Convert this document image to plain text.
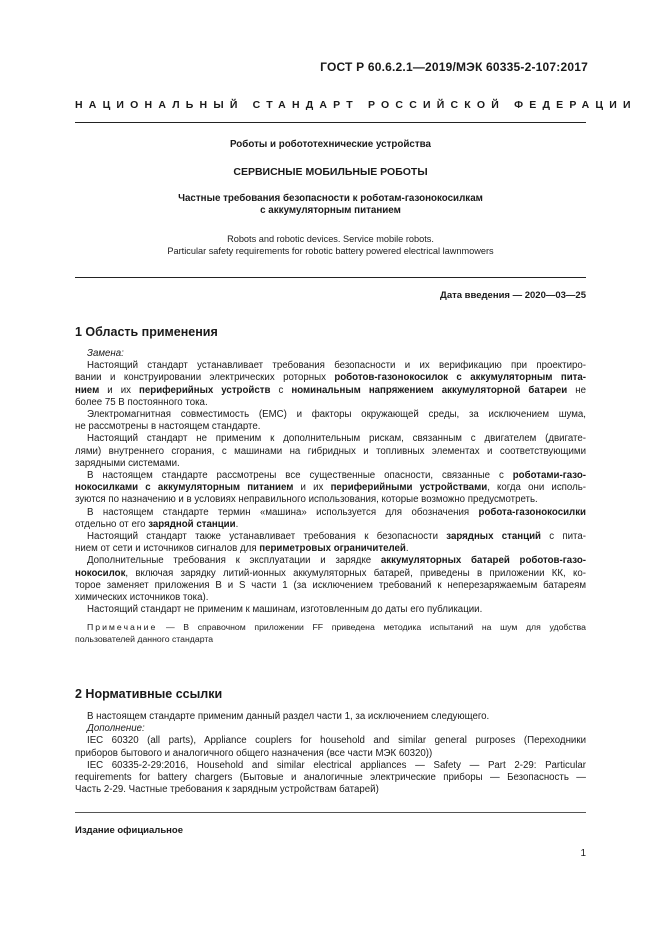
ГОСТ Р 60.6.2.1—2019/МЭК 60335-2-107:2017
НАЦИОНАЛЬНЫЙ СТАНДАРТ РОССИЙСКОЙ ФЕДЕРАЦИИ
Роботы и робототехнические устройства
СЕРВИСНЫЕ МОБИЛЬНЫЕ РОБОТЫ
Частные требования безопасности к роботам-газонокосилкам
с аккумуляторным питанием
Robots and robotic devices. Service mobile robots.
Particular safety requirements for robotic battery powered electrical lawnmowers
Дата введения — 2020—03—25
1 Область применения
Замена:
Настоящий стандарт устанавливает требования безопасности и их верификацию при проектиро-
вании и конструировании электрических роторных роботов-газонокосилок с аккумуляторным пита-
нием и их периферийных устройств с номинальным напряжением аккумуляторной батареи не
более 75 В постоянного тока.
Электромагнитная совместимость (ЕМС) и факторы окружающей среды, за исключением шума,
не рассмотрены в настоящем стандарте.
Настоящий стандарт не применим к дополнительным рискам, связанным с двигателем (двигате-
лями) внутреннего сгорания, с машинами на гибридных и топливных элементах и соответствующими
зарядными системами.
В настоящем стандарте рассмотрены все существенные опасности, связанные с роботами-газо-
нокосилками с аккумуляторным питанием и их периферийными устройствами, когда они исполь-
зуются по назначению и в условиях неправильного использования, которые возможно предусмотреть.
В настоящем стандарте термин «машина» используется для обозначения робота-газонокосилки
отдельно от его зарядной станции.
Настоящий стандарт также устанавливает требования к безопасности зарядных станций с пита-
нием от сети и источников сигналов для периметровых ограничителей.
Дополнительные требования к эксплуатации и зарядке аккумуляторных батарей роботов-газо-
нокосилок, включая зарядку литий-ионных аккумуляторных батарей, приведены в приложении КК, ко-
торое заменяет приложения В и S части 1 (за исключением требований к неперезаряжаемым батареям
химических источников тока).
Настоящий стандарт не применим к машинам, изготовленным до даты его публикации.
Примечание — В справочном приложении FF приведена методика испытаний на шум для удобства
пользователей данного стандарта
2 Нормативные ссылки
В настоящем стандарте применим данный раздел части 1, за исключением следующего.
Дополнение:
IEC 60320 (all parts), Appliance couplers for household and similar general purposes (Переходники
приборов бытового и аналогичного общего назначения (все части МЭК 60320))
IEC 60335-2-29:2016, Household and similar electrical appliances — Safety — Part 2-29: Particular
requirements for battery chargers (Бытовые и аналогичные электрические приборы — Безопасность —
Часть 2-29. Частные требования к зарядным устройствам батарей)
Издание официальное
1
